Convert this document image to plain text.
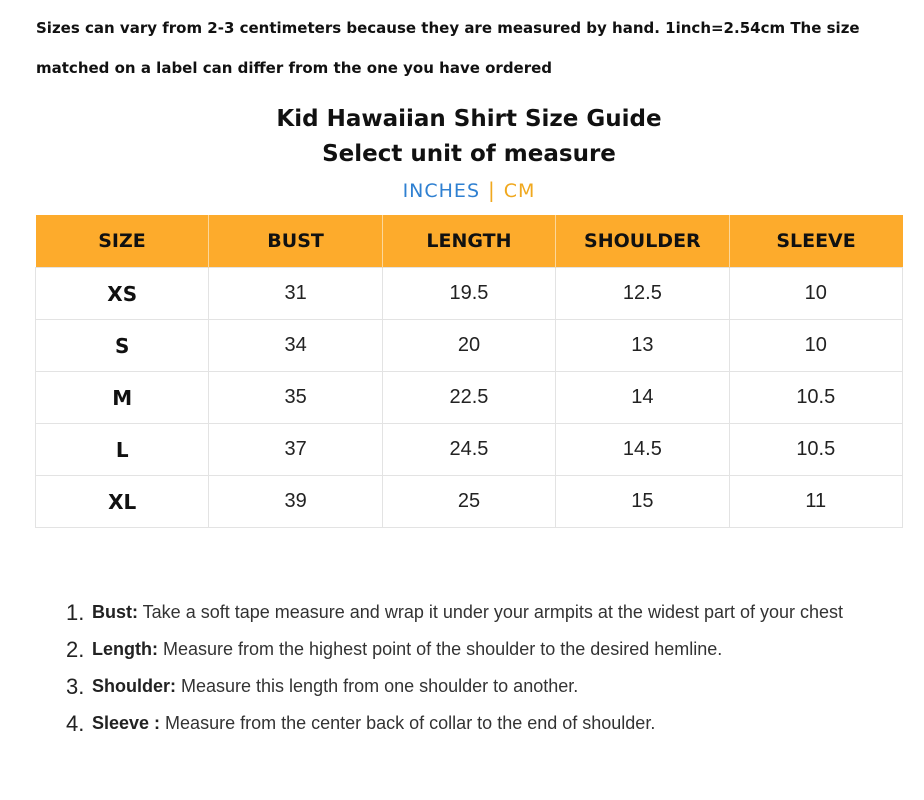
Sizes can vary from 2-3 centimeters because they are measured by hand. 1inch=2.54cm The size matched on a label can differ from the one you have ordered

Kid Hawaiian Shirt Size Guide
Select unit of measure
INCHES | CM
SIZE	BUST	LENGTH	SHOULDER	SLEEVE
XS	31	19.5	12.5	10
S	34	20	13	10
M	35	22.5	14	10.5
L	37	24.5	14.5	10.5
XL	39	25	15	11
1. Bust: Take a soft tape measure and wrap it under your armpits at the widest part of your chest
2. Length: Measure from the highest point of the shoulder to the desired hemline.
3. Shoulder: Measure this length from one shoulder to another.
4. Sleeve : Measure from the center back of collar to the end of shoulder.
